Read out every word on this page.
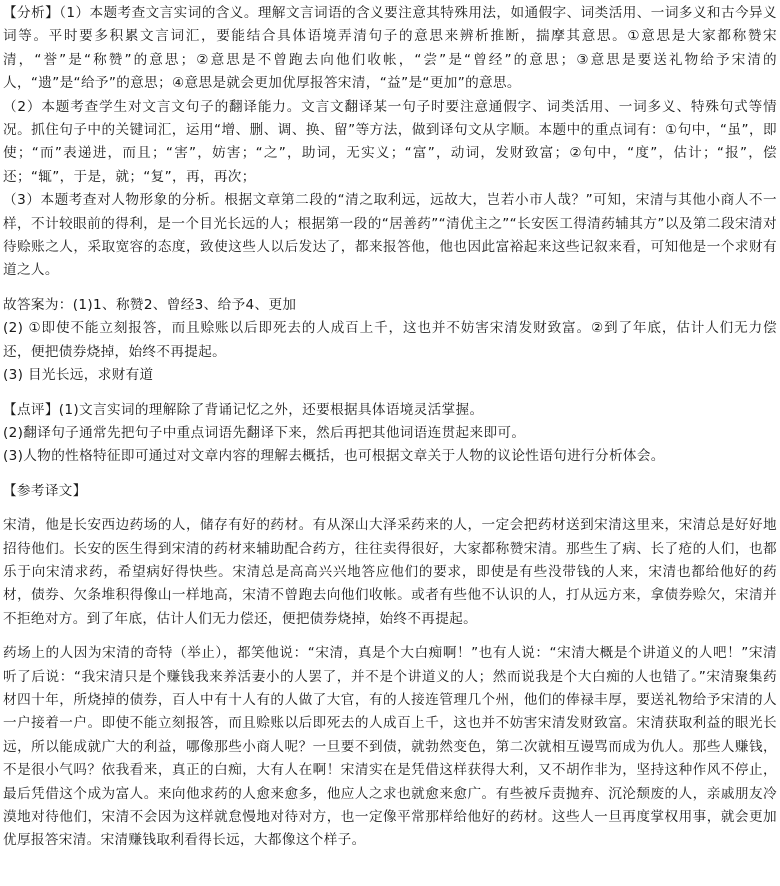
【分析】（1）本题考查文言实词的含义。理解文言词语的含义要注意其特殊用法，如通假字、词类活用、一词多义和古今异义词等。平时要多积累文言词汇，要能结合具体语境弄清句子的意思来辨析推断，揣摩其意思。①意思是大家都称赞宋清，“誉”是“称赞”的意思；②意思是不曾跑去向他们收帐，“尝”是“曾经”的意思；③意思是要送礼物给予宋清的人，“遗”是“给予”的意思；④意思是就会更加优厚报答宋清，“益”是“更加”的意思。

（2）本题考查学生对文言文句子的翻译能力。文言文翻译某一句子时要注意通假字、词类活用、一词多义、特殊句式等情况。抓住句子中的关键词汇，运用“增、删、调、换、留”等方法，做到译句文从字顺。本题中的重点词有：①句中，“虽”，即使；“而”表递进，而且；“害”，妨害；“之”，助词，无实义；“富”，动词，发财致富；②句中，“度”，估计；“报”，偿还；“辄”，于是，就；“复”，再，再次；

（3）本题考查对人物形象的分析。根据文章第二段的“清之取利远，远故大，岂若小市人哉？”可知，宋清与其他小商人不一样，不计较眼前的得利，是一个目光长远的人；根据第一段的“居善药”“清优主之”“长安医工得清药辅其方”以及第二段宋清对待赊账之人，采取宽容的态度，致使这些人以后发达了，都来报答他，他也因此富裕起来这些记叙来看，可知他是一个求财有道之人。

故答案为：(1)1、称赞2、曾经3、给予4、更加

(2) ①即使不能立刻报答，而且赊账以后即死去的人成百上千，这也并不妨害宋清发财致富。②到了年底，估计人们无力偿还，便把债券烧掉，始终不再提起。

(3) 目光长远，求财有道

【点评】(1)文言实词的理解除了背诵记忆之外，还要根据具体语境灵活掌握。

(2)翻译句子通常先把句子中重点词语先翻译下来，然后再把其他词语连贯起来即可。

(3)人物的性格特征即可通过对文章内容的理解去概括，也可根据文章关于人物的议论性语句进行分析体会。

【参考译文】

宋清，他是长安西边药场的人，储存有好的药材。有从深山大泽采药来的人，一定会把药材送到宋清这里来，宋清总是好好地招待他们。长安的医生得到宋清的药材来辅助配合药方，往往卖得很好，大家都称赞宋清。那些生了病、长了疮的人们，也都乐于向宋清求药，希望病好得快些。宋清总是高高兴兴地答应他们的要求，即使是有些没带钱的人来，宋清也都给他好的药材，债券、欠条堆积得像山一样地高，宋清不曾跑去向他们收帐。或者有些他不认识的人，打从远方来，拿债券赊欠，宋清并不拒绝对方。到了年底，估计人们无力偿还，便把债券烧掉，始终不再提起。

药场上的人因为宋清的奇特（举止），都笑他说：“宋清，真是个大白痴啊！”也有人说：“宋清大概是个讲道义的人吧！”宋清听了后说：“我宋清只是个赚钱我来养活妻小的人罢了，并不是个讲道义的人；然而说我是个大白痴的人也错了。”宋清聚集药材四十年，所烧掉的债券，百人中有十人有的人做了大官，有的人接连管理几个州，他们的俸禄丰厚，要送礼物给予宋清的人一户接着一户。即使不能立刻报答，而且赊账以后即死去的人成百上千，这也并不妨害宋清发财致富。宋清获取利益的眼光长远，所以能成就广大的利益，哪像那些小商人呢？一旦要不到债，就勃然变色，第二次就相互谩骂而成为仇人。那些人赚钱，不是很小气吗？依我看来，真正的白痴，大有人在啊！宋清实在是凭借这样获得大利，又不胡作非为，坚持这种作风不停止，最后凭借这个成为富人。来向他求药的人愈来愈多，他应人之求也就愈来愈广。有些被斥责抛弃、沉沦颓废的人，亲戚朋友冷漠地对待他们，宋清不会因为这样就怠慢地对待对方，也一定像平常那样给他好的药材。这些人一旦再度掌权用事，就会更加优厚报答宋清。宋清赚钱取利看得长远，大都像这个样子。
